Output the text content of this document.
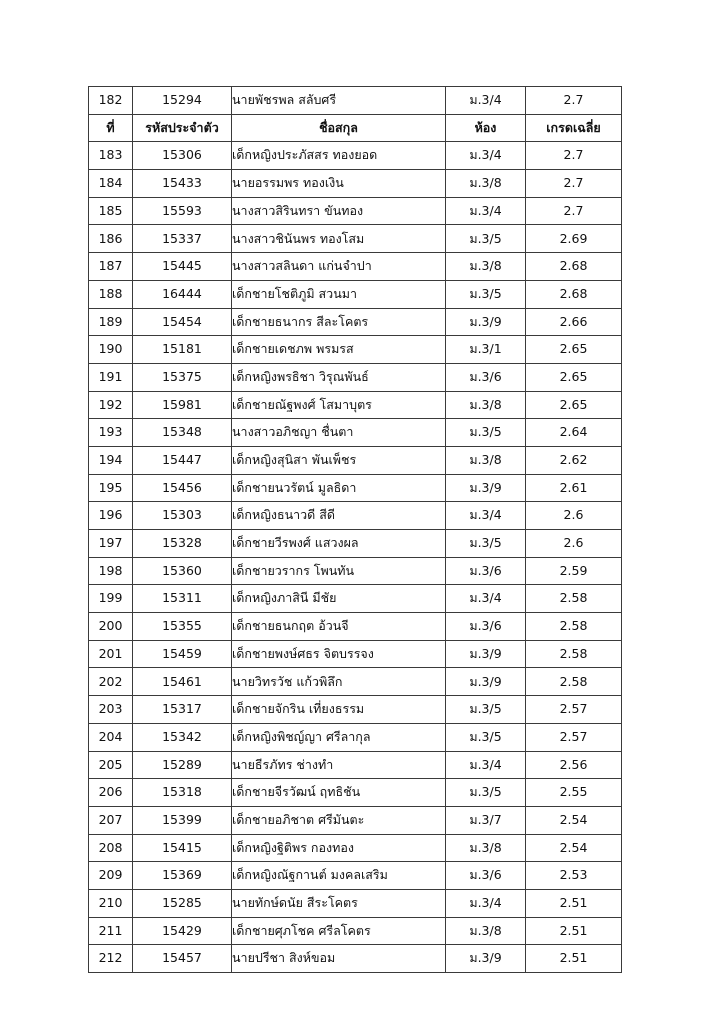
182	15294	นายพัชรพล สลับศรี	ม.3/4	2.7
ที่	รหัสประจำตัว	ชื่อสกุล	ห้อง	เกรดเฉลี่ย
183	15306	เด็กหญิงประภัสสร ทองยอด	ม.3/4	2.7
184	15433	นายอรรมพร ทองเงิน	ม.3/8	2.7
185	15593	นางสาวสิรินทรา ขันทอง	ม.3/4	2.7
186	15337	นางสาวชินันพร ทองโสม	ม.3/5	2.69
187	15445	นางสาวสลินดา แก่นจำปา	ม.3/8	2.68
188	16444	เด็กชายโชติภูมิ สวนมา	ม.3/5	2.68
189	15454	เด็กชายธนากร สีละโคตร	ม.3/9	2.66
190	15181	เด็กชายเดชภพ พรมรส	ม.3/1	2.65
191	15375	เด็กหญิงพรธิชา วิรุณพันธ์	ม.3/6	2.65
192	15981	เด็กชายณัฐพงศ์ โสมาบุตร	ม.3/8	2.65
193	15348	นางสาวอภิชญา ชื่นตา	ม.3/5	2.64
194	15447	เด็กหญิงสุนิสา พันเพ็ชร	ม.3/8	2.62
195	15456	เด็กชายนวรัตน์ มูลธิดา	ม.3/9	2.61
196	15303	เด็กหญิงธนาวดี สีดี	ม.3/4	2.6
197	15328	เด็กชายวีรพงศ์ แสวงผล	ม.3/5	2.6
198	15360	เด็กชายวรากร โพนทัน	ม.3/6	2.59
199	15311	เด็กหญิงภาสินี มีชัย	ม.3/4	2.58
200	15355	เด็กชายธนกฤต อ้วนจี	ม.3/6	2.58
201	15459	เด็กชายพงษ์ศธร จิตบรรจง	ม.3/9	2.58
202	15461	นายวิทรวัช แก้วพิลึก	ม.3/9	2.58
203	15317	เด็กชายจักริน เที่ยงธรรม	ม.3/5	2.57
204	15342	เด็กหญิงพิชญ์ญา ศรีลากุล	ม.3/5	2.57
205	15289	นายธีรภัทร ช่างทำ	ม.3/4	2.56
206	15318	เด็กชายจีรวัฒน์ ฤทธิชัน	ม.3/5	2.55
207	15399	เด็กชายอภิชาต ศรีมันตะ	ม.3/7	2.54
208	15415	เด็กหญิงฐิติพร กองทอง	ม.3/8	2.54
209	15369	เด็กหญิงณัฐกานต์ มงคลเสริม	ม.3/6	2.53
210	15285	นายทักษ์ดนัย สีระโคตร	ม.3/4	2.51
211	15429	เด็กชายศุภโชค ศรีลโคตร	ม.3/8	2.51
212	15457	นายปรีชา สิงห์ขอม	ม.3/9	2.51
